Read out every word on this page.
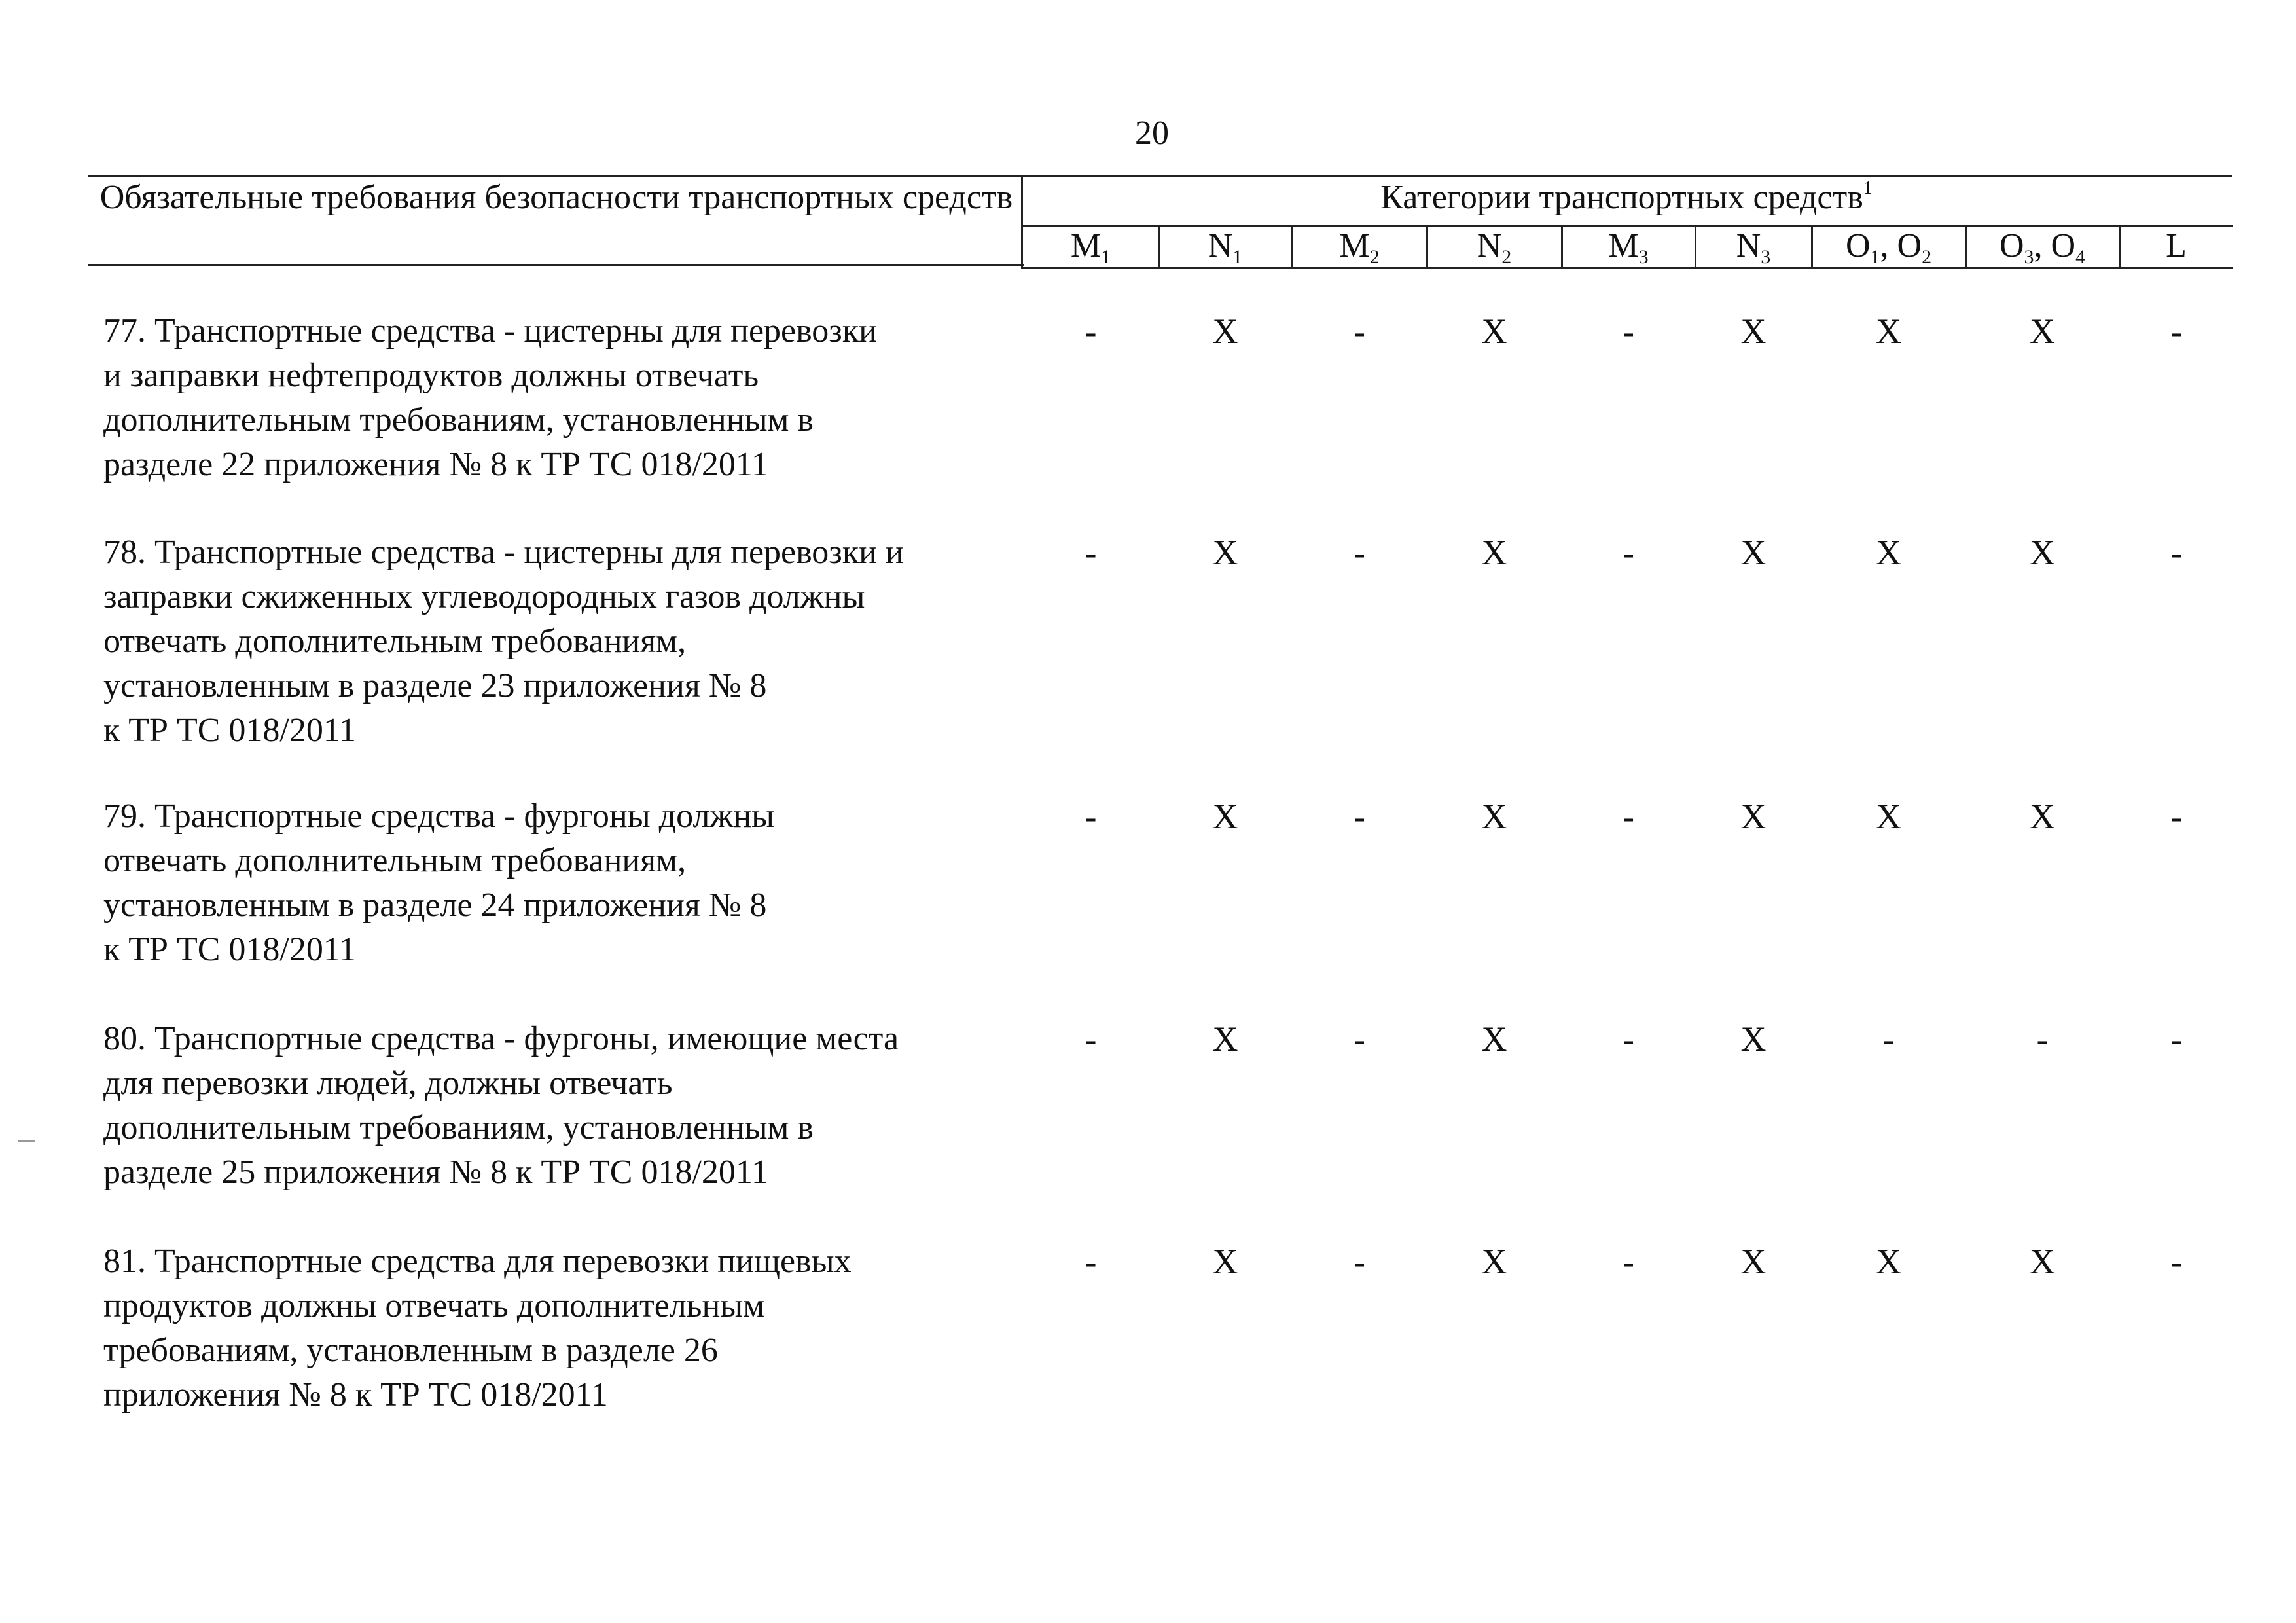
20
Обязательные требования безопасности транспортных средств	Категории транспортных средств$^1$
$M_1$	$N_1$	$M_2$	$N_2$	$M_3$	$N_3$	$O_1$, $O_2$	$O_3$, $O_4$	L
77. Транспортные средства - цистерны для перевозки
и заправки нефтепродуктов должны отвечать
дополнительным требованиям, установленным в
разделе 22 приложения № 8 к ТР ТС 018/2011
-	X	-	X	-	X	X	X	-
78. Транспортные средства - цистерны для перевозки и
заправки сжиженных углеводородных газов должны
отвечать дополнительным требованиям,
установленным в разделе 23 приложения № 8
к ТР ТС 018/2011
-	X	-	X	-	X	X	X	-
79. Транспортные средства - фургоны должны
отвечать дополнительным требованиям,
установленным в разделе 24 приложения № 8
к ТР ТС 018/2011
-	X	-	X	-	X	X	X	-
80. Транспортные средства - фургоны, имеющие места
для перевозки людей, должны отвечать
дополнительным требованиям, установленным в
разделе 25 приложения № 8 к ТР ТС 018/2011
-	X	-	X	-	X	-	-	-
81. Транспортные средства для перевозки пищевых
продуктов должны отвечать дополнительным
требованиям, установленным в разделе 26
приложения № 8 к ТР ТС 018/2011
-	X	-	X	-	X	X	X	-
